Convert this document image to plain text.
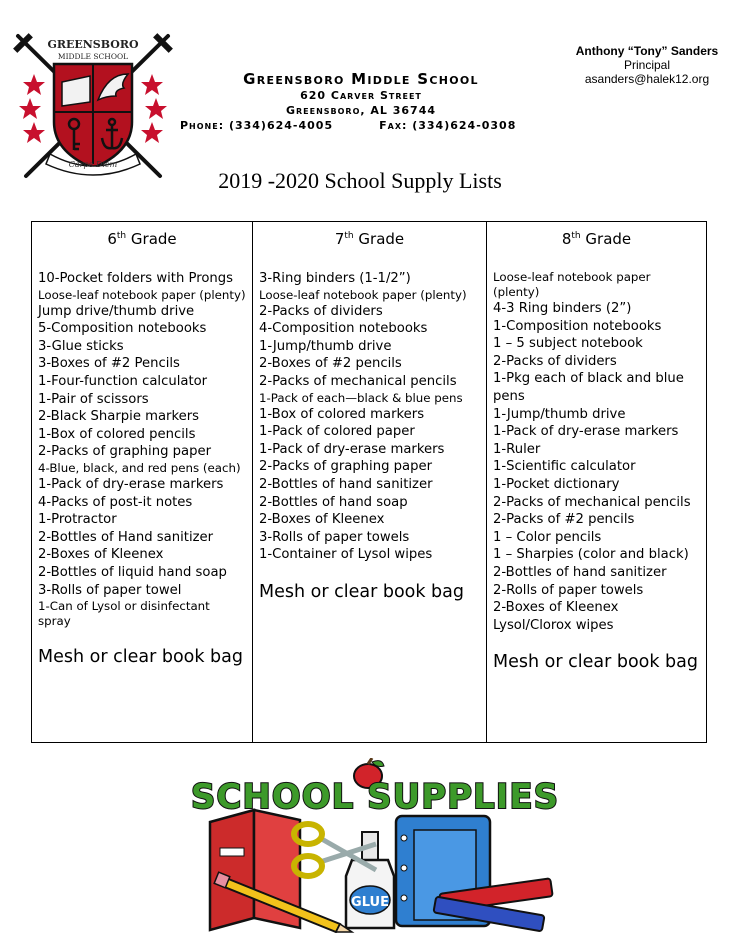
GREENSBORO
MIDDLE SCHOOL
Carpe Diem
Greensboro Middle School
620 Carver Street
Greensboro, AL 36744
Phone: (334)624-4005	Fax: (334)624-0308
Anthony “Tony” Sanders
Principal
asanders@halek12.org
2019 -2020 School Supply Lists
6th Grade
10-Pocket folders with Prongs
Loose-leaf notebook paper (plenty)
Jump drive/thumb drive
5-Composition notebooks
3-Glue sticks
3-Boxes of #2 Pencils
1-Four-function calculator
1-Pair of scissors
2-Black Sharpie markers
1-Box of colored pencils
2-Packs of graphing paper
4-Blue, black, and red pens (each)
1-Pack of dry-erase markers
4-Packs of post-it notes
1-Protractor
2-Bottles of Hand sanitizer
2-Boxes of Kleenex
2-Bottles of liquid hand soap
3-Rolls of paper towel
1-Can of Lysol or disinfectant spray
Mesh or clear book bag

7th Grade
3-Ring binders (1-1/2”)
Loose-leaf notebook paper (plenty)
2-Packs of dividers
4-Composition notebooks
1-Jump/thumb drive
2-Boxes of #2 pencils
2-Packs of mechanical pencils
1-Pack of each—black & blue pens
1-Box of colored markers
1-Pack of colored paper
1-Pack of dry-erase markers
2-Packs of graphing paper
2-Bottles of hand sanitizer
2-Bottles of hand soap
2-Boxes of Kleenex
3-Rolls of paper towels
1-Container of Lysol wipes
Mesh or clear book bag

8th Grade
Loose-leaf notebook paper (plenty)
4-3 Ring binders (2”)
1-Composition notebooks
1 – 5 subject notebook
2-Packs of dividers
1-Pkg each of black and blue pens
1-Jump/thumb drive
1-Pack of dry-erase markers
1-Ruler
1-Scientific calculator
1-Pocket dictionary
2-Packs of mechanical pencils
2-Packs of #2 pencils
1 – Color pencils
1 – Sharpies (color and black)
2-Bottles of hand sanitizer
2-Rolls of paper towels
2-Boxes of Kleenex
Lysol/Clorox wipes
Mesh or clear book bag
GLUE
SCHOOL SUPPLIES
